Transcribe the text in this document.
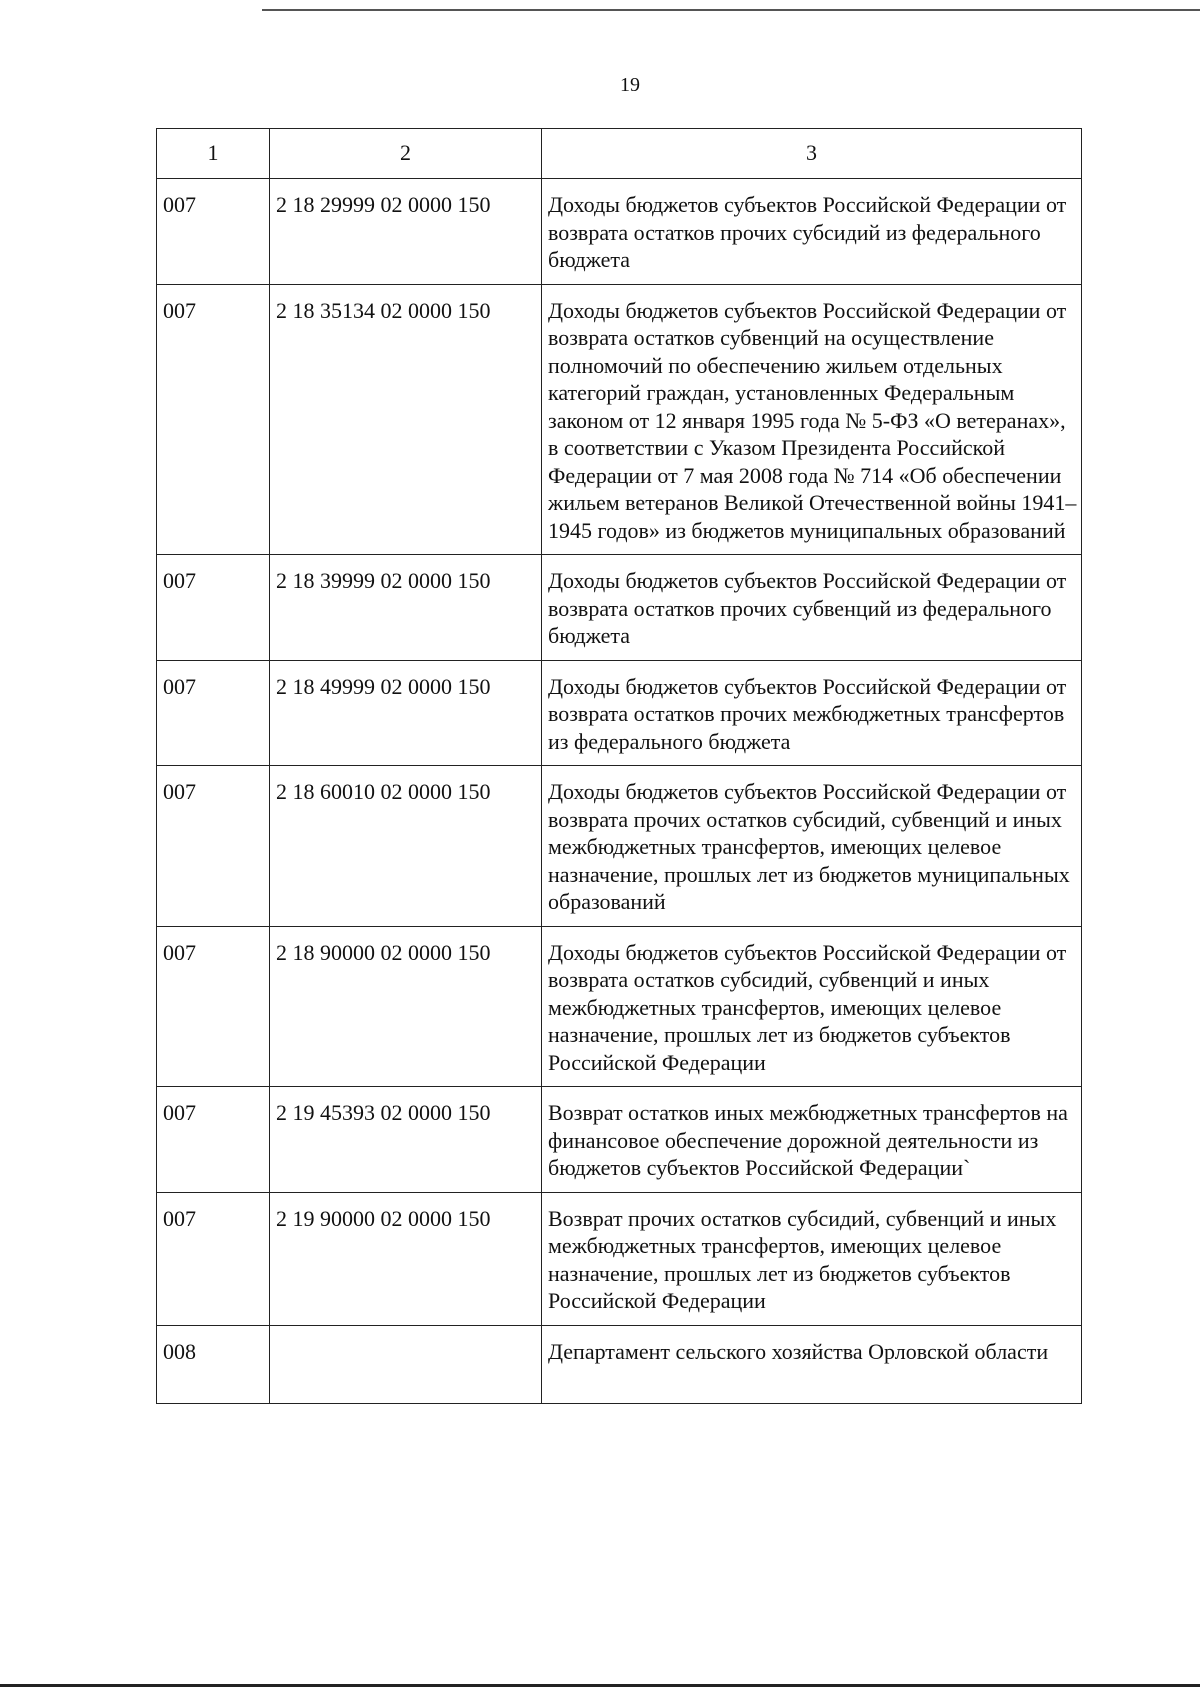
19
1	2	3
007	2 18 29999 02 0000 150	Доходы бюджетов субъектов Российской Федерации от возврата остатков прочих субсидий из федерального бюджета
007	2 18 35134 02 0000 150	Доходы бюджетов субъектов Российской Федерации от возврата остатков субвенций на осуществление полномочий по обеспечению жильем отдельных категорий граждан, установленных Федеральным законом от 12 января 1995 года № 5-ФЗ «О ветеранах», в соответствии с Указом Президента Российской Федерации от 7 мая 2008 года № 714 «Об обеспечении жильем ветеранов Великой Отечественной войны 1941–1945 годов» из бюджетов муниципальных образований
007	2 18 39999 02 0000 150	Доходы бюджетов субъектов Российской Федерации от возврата остатков прочих субвенций из федерального бюджета
007	2 18 49999 02 0000 150	Доходы бюджетов субъектов Российской Федерации от возврата остатков прочих межбюджетных трансфертов из федерального бюджета
007	2 18 60010 02 0000 150	Доходы бюджетов субъектов Российской Федерации от возврата прочих остатков субсидий, субвенций и иных межбюджетных трансфертов, имеющих целевое назначение, прошлых лет из бюджетов муниципальных образований
007	2 18 90000 02 0000 150	Доходы бюджетов субъектов Российской Федерации от возврата остатков субсидий, субвенций и иных межбюджетных трансфертов, имеющих целевое назначение, прошлых лет из бюджетов субъектов Российской Федерации
007	2 19 45393 02 0000 150	Возврат остатков иных межбюджетных трансфертов на финансовое обеспечение дорожной деятельности из бюджетов субъектов Российской Федерации`
007	2 19 90000 02 0000 150	Возврат прочих остатков субсидий, субвенций и иных межбюджетных трансфертов, имеющих целевое назначение, прошлых лет из бюджетов субъектов Российской Федерации
008		Департамент сельского хозяйства Орловской области
